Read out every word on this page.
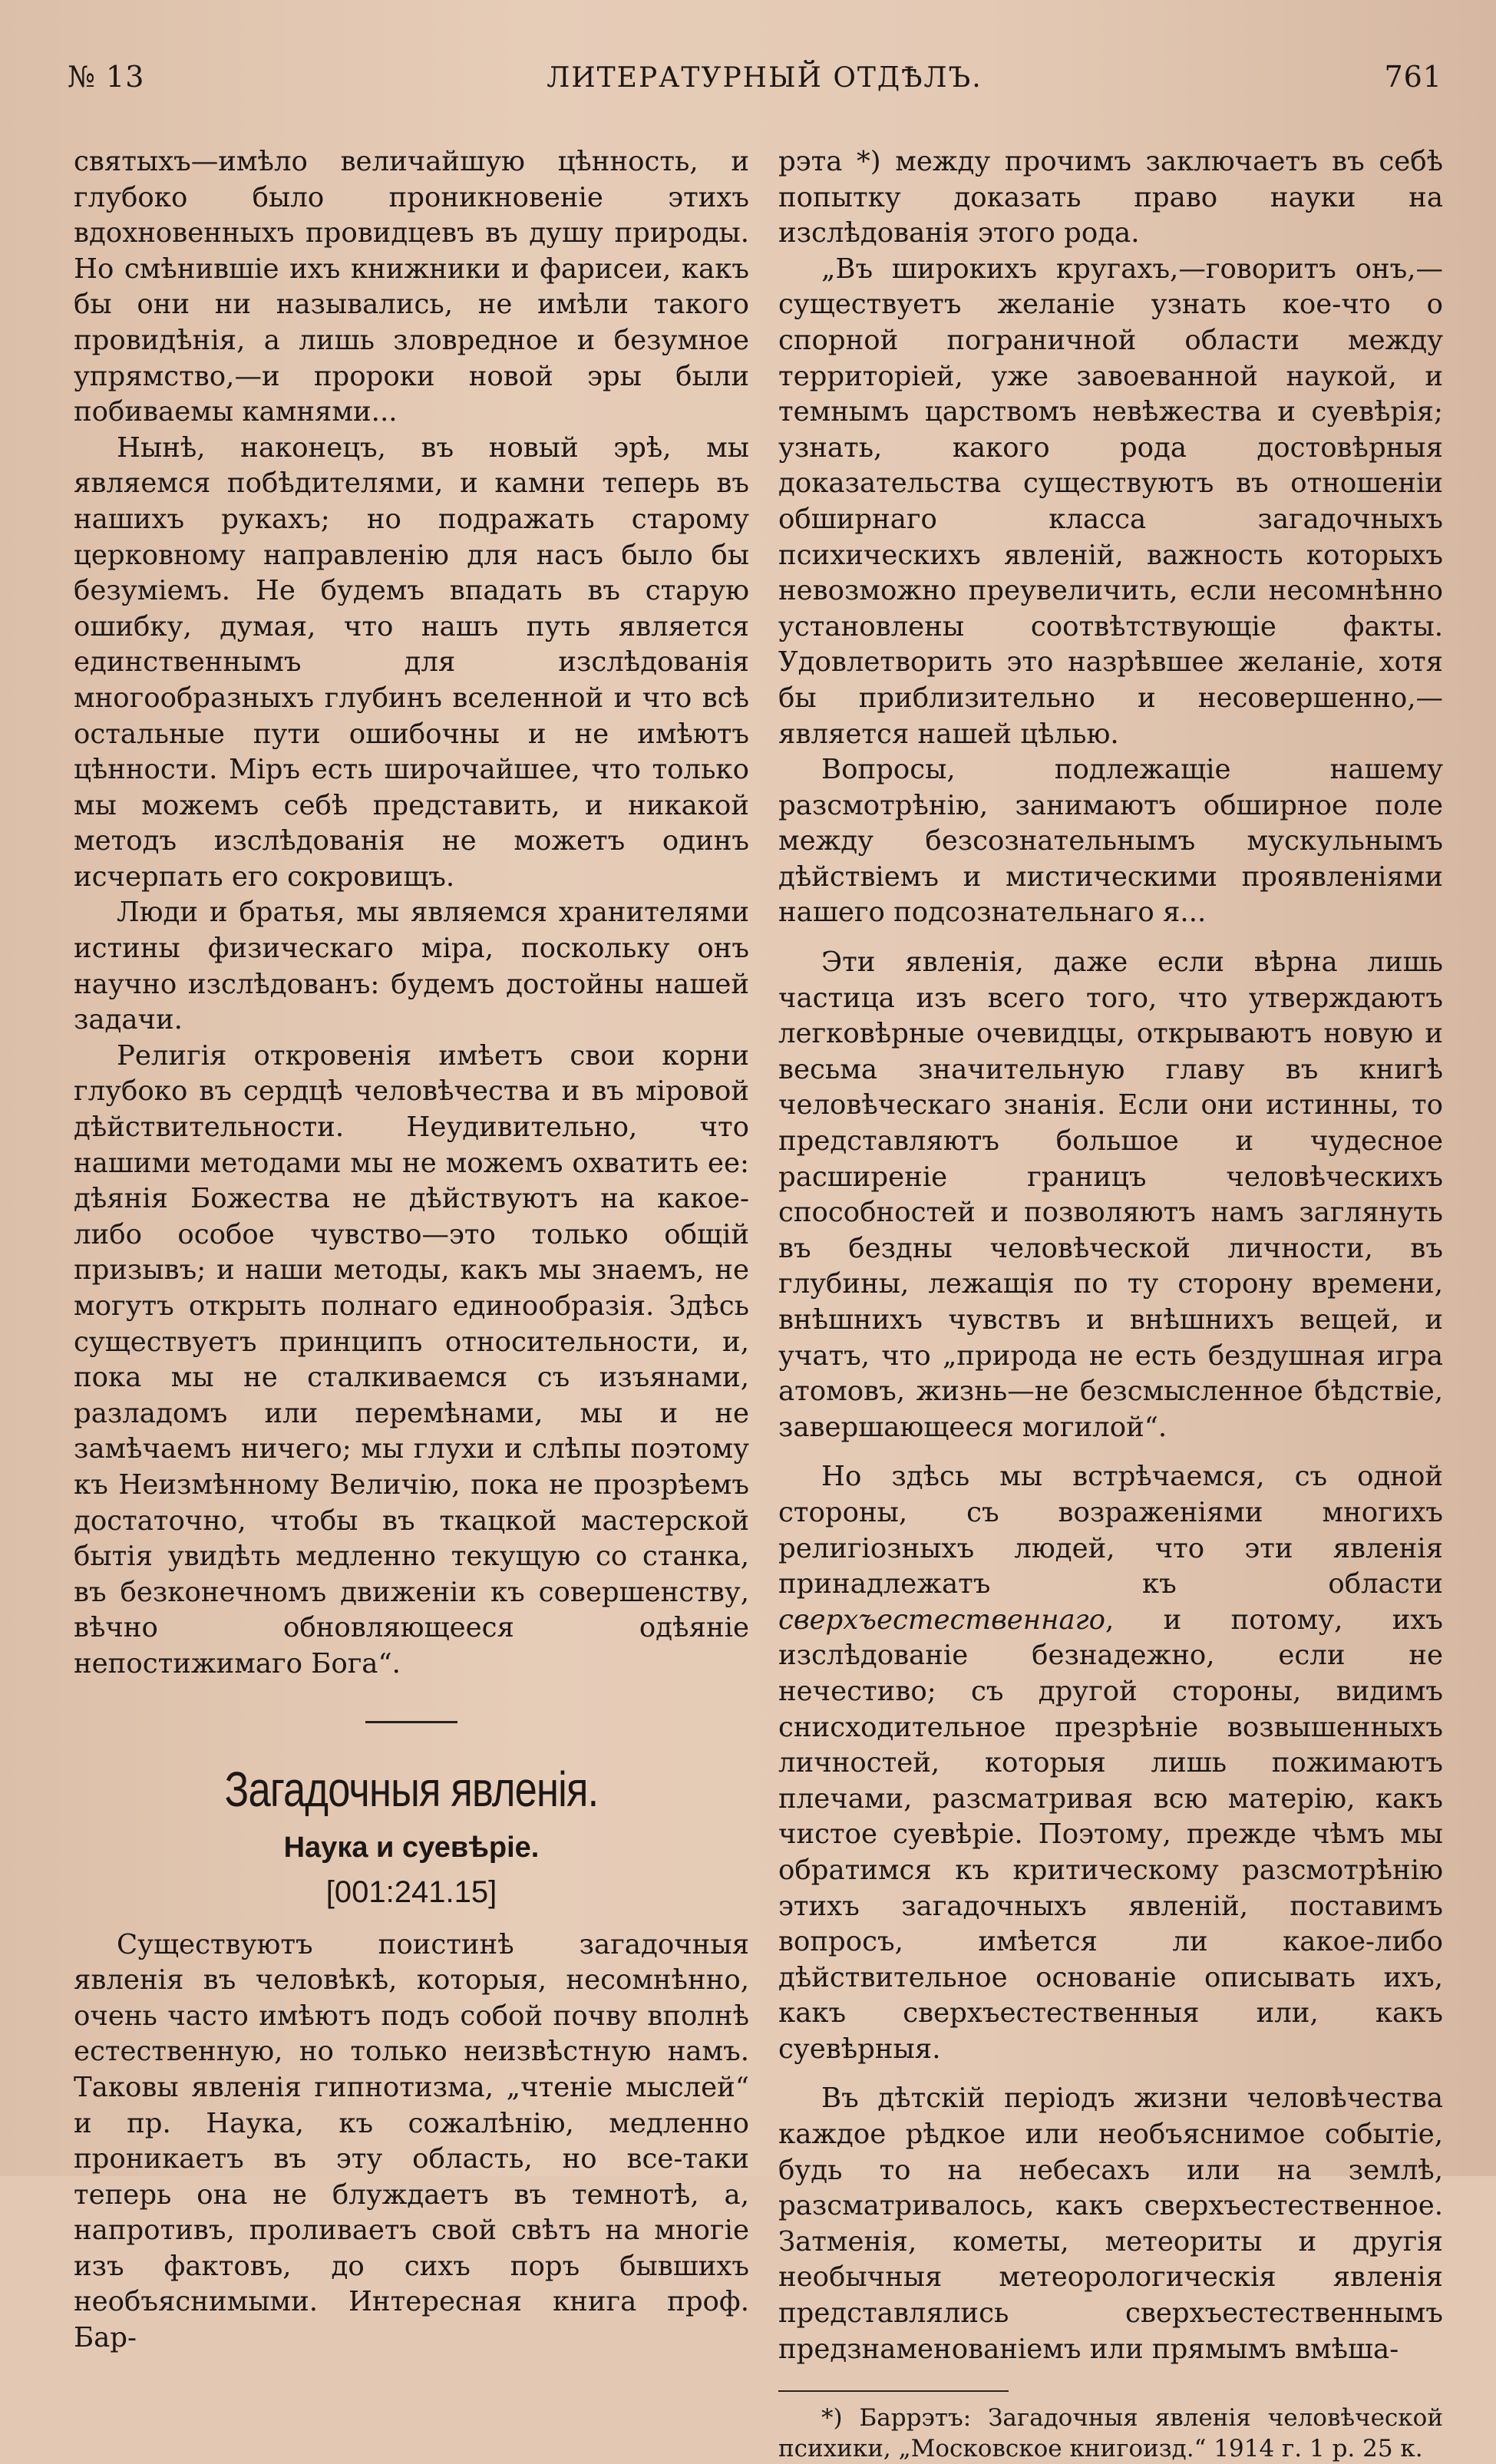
№ 13	ЛИТЕРАТУРНЫЙ ОТДѢЛЪ.	761

святыхъ—имѣло величайшую цѣнность, и глубоко было проникновеніе этихъ вдохновенныхъ провидцевъ въ душу природы. Но смѣнившіе ихъ книжники и фарисеи, какъ бы они ни назывались, не имѣли такого провидѣнія, а лишь зловредное и безумное упрямство,—и пророки новой эры были побиваемы камнями...

Нынѣ, наконецъ, въ новый эрѣ, мы являемся побѣдителями, и камни теперь въ нашихъ рукахъ; но подражать старому церковному направленію для насъ было бы безуміемъ. Не будемъ впадать въ старую ошибку, думая, что нашъ путь является единственнымъ для изслѣдованія многообразныхъ глубинъ вселенной и что всѣ остальные пути ошибочны и не имѣютъ цѣнности. Міръ есть широчайшее, что только мы можемъ себѣ представить, и никакой методъ изслѣдованія не можетъ одинъ исчерпать его сокровищъ.

Люди и братья, мы являемся хранителями истины физическаго міра, поскольку онъ научно изслѣдованъ: будемъ достойны нашей задачи.

Религія откровенія имѣетъ свои корни глубоко въ сердцѣ человѣчества и въ міровой дѣйствительности. Неудивительно, что нашими методами мы не можемъ охватить ее: дѣянія Божества не дѣйствуютъ на какое-либо особое чувство—это только общій призывъ; и наши методы, какъ мы знаемъ, не могутъ открыть полнаго единообразія. Здѣсь существуетъ принципъ относительности, и, пока мы не сталкиваемся съ изъянами, разладомъ или перемѣнами, мы и не замѣчаемъ ничего; мы глухи и слѣпы поэтому къ Неизмѣнному Величію, пока не прозрѣемъ достаточно, чтобы въ ткацкой мастерской бытія увидѣть медленно текущую со станка, въ безконечномъ движеніи къ совершенству, вѣчно обновляющееся одѣяніе непостижимаго Бога“.

Загадочныя явленія.
Наука и суевѣріе.
[001:241.15]

Существуютъ поистинѣ загадочныя явленія въ человѣкѣ, которыя, несомнѣнно, очень часто имѣютъ подъ собой почву вполнѣ естественную, но только неизвѣстную намъ. Таковы явленія гипнотизма, „чтеніе мыслей“ и пр. Наука, къ сожалѣнію, медленно проникаетъ въ эту область, но все-таки теперь она не блуждаетъ въ темнотѣ, а, напротивъ, проливаетъ свой свѣтъ на многіе изъ фактовъ, до сихъ поръ бывшихъ необъяснимыми. Интересная книга проф. Бар-

рэта *) между прочимъ заключаетъ въ себѣ попытку доказать право науки на изслѣдованія этого рода.

„Въ широкихъ кругахъ,—говоритъ онъ,—существуетъ желаніе узнать кое-что о спорной пограничной области между территоріей, уже завоеванной наукой, и темнымъ царствомъ невѣжества и суевѣрія; узнать, какого рода достовѣрныя доказательства существуютъ въ отношеніи обширнаго класса загадочныхъ психическихъ явленій, важность которыхъ невозможно преувеличить, если несомнѣнно установлены соотвѣтствующіе факты. Удовлетворить это назрѣвшее желаніе, хотя бы приблизительно и несовершенно,—является нашей цѣлью.

Вопросы, подлежащіе нашему разсмотрѣнію, занимаютъ обширное поле между безсознательнымъ мускульнымъ дѣйствіемъ и мистическими проявленіями нашего подсознательнаго я...

Эти явленія, даже если вѣрна лишь частица изъ всего того, что утверждаютъ легковѣрные очевидцы, открываютъ новую и весьма значительную главу въ книгѣ человѣческаго знанія. Если они истинны, то представляютъ большое и чудесное расширеніе границъ человѣческихъ способностей и позволяютъ намъ заглянуть въ бездны человѣческой личности, въ глубины, лежащія по ту сторону времени, внѣшнихъ чувствъ и внѣшнихъ вещей, и учатъ, что „природа не есть бездушная игра атомовъ, жизнь—не безсмысленное бѣдствіе, завершающееся могилой“.

Но здѣсь мы встрѣчаемся, съ одной стороны, съ возраженіями многихъ религіозныхъ людей, что эти явленія принадлежатъ къ области сверхъестественнаго, и потому, ихъ изслѣдованіе безнадежно, если не нечестиво; съ другой стороны, видимъ снисходительное презрѣніе возвышенныхъ личностей, которыя лишь пожимаютъ плечами, разсматривая всю матерію, какъ чистое суевѣріе. Поэтому, прежде чѣмъ мы обратимся къ критическому разсмотрѣнію этихъ загадочныхъ явленій, поставимъ вопросъ, имѣется ли какое-либо дѣйствительное основаніе описывать ихъ, какъ сверхъестественныя или, какъ суевѣрныя.

Въ дѣтскій періодъ жизни человѣчества каждое рѣдкое или необъяснимое событіе, будь то на небесахъ или на землѣ, разсматривалось, какъ сверхъестественное. Затменія, кометы, метеориты и другія необычныя метеорологическія явленія представлялись сверхъестественнымъ предзнаменованіемъ или прямымъ вмѣша-

*) Баррэтъ: Загадочныя явленія человѣческой психики, „Московское книгоизд.“ 1914 г. 1 р. 25 к.
